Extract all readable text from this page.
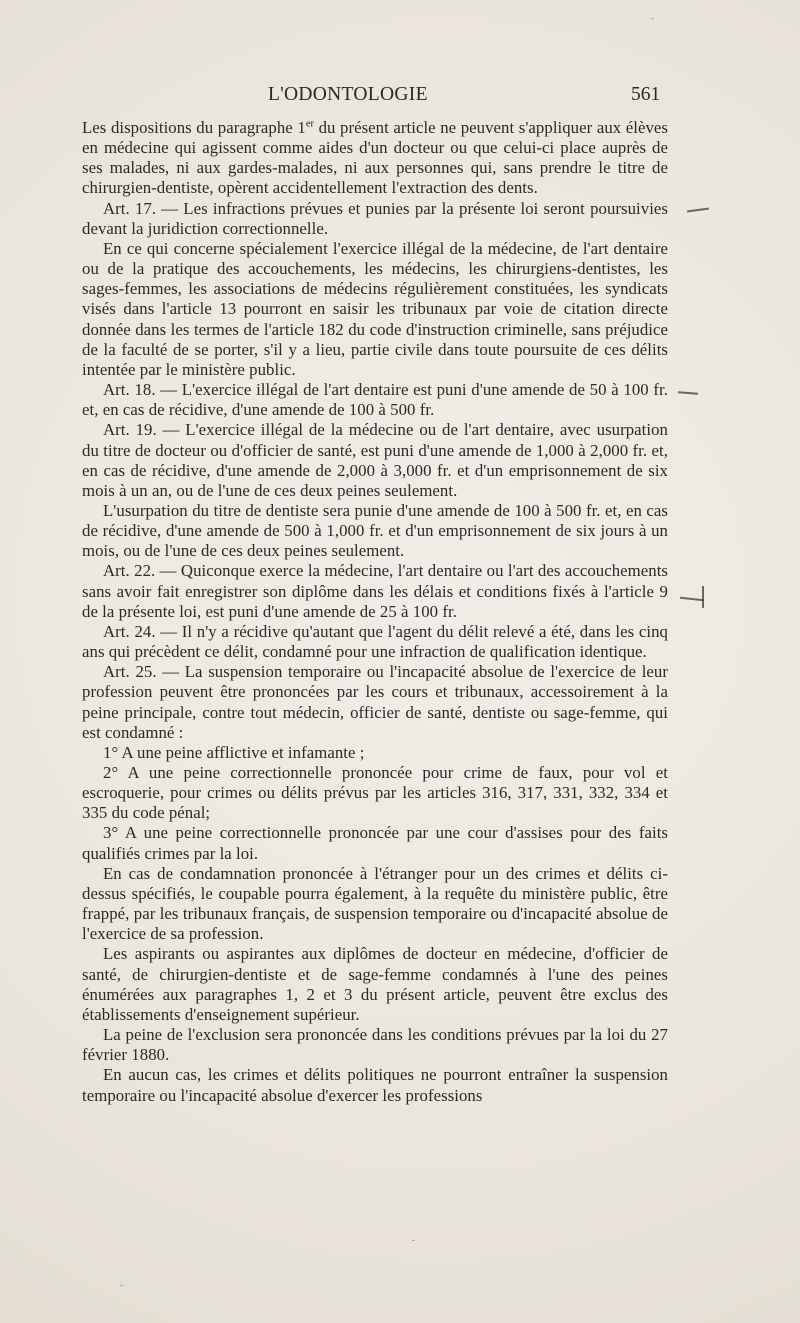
L'ODONTOLOGIE	561

Les dispositions du paragraphe 1er du présent article ne peuvent s'appliquer aux élèves en médecine qui agissent comme aides d'un docteur ou que celui-ci place auprès de ses malades, ni aux gardes-malades, ni aux personnes qui, sans prendre le titre de chirurgien-dentiste, opèrent accidentellement l'extraction des dents.

Art. 17. — Les infractions prévues et punies par la présente loi seront poursuivies devant la juridiction correctionnelle.

En ce qui concerne spécialement l'exercice illégal de la médecine, de l'art dentaire ou de la pratique des accouchements, les médecins, les chirurgiens-dentistes, les sages-femmes, les associations de médecins régulièrement constituées, les syndicats visés dans l'article 13 pourront en saisir les tribunaux par voie de citation directe donnée dans les termes de l'article 182 du code d'instruction criminelle, sans préjudice de la faculté de se porter, s'il y a lieu, partie civile dans toute poursuite de ces délits intentée par le ministère public.

Art. 18. — L'exercice illégal de l'art dentaire est puni d'une amende de 50 à 100 fr. et, en cas de récidive, d'une amende de 100 à 500 fr.

Art. 19. — L'exercice illégal de la médecine ou de l'art dentaire, avec usurpation du titre de docteur ou d'officier de santé, est puni d'une amende de 1,000 à 2,000 fr. et, en cas de récidive, d'une amende de 2,000 à 3,000 fr. et d'un emprisonnement de six mois à un an, ou de l'une de ces deux peines seulement.

L'usurpation du titre de dentiste sera punie d'une amende de 100 à 500 fr. et, en cas de récidive, d'une amende de 500 à 1,000 fr. et d'un emprisonnement de six jours à un mois, ou de l'une de ces deux peines seulement.

Art. 22. — Quiconque exerce la médecine, l'art dentaire ou l'art des accouchements sans avoir fait enregistrer son diplôme dans les délais et conditions fixés à l'article 9 de la présente loi, est puni d'une amende de 25 à 100 fr.

Art. 24. — Il n'y a récidive qu'autant que l'agent du délit relevé a été, dans les cinq ans qui précèdent ce délit, condamné pour une infraction de qualification identique.

Art. 25. — La suspension temporaire ou l'incapacité absolue de l'exercice de leur profession peuvent être prononcées par les cours et tribunaux, accessoirement à la peine principale, contre tout médecin, officier de santé, dentiste ou sage-femme, qui est condamné :

1° A une peine afflictive et infamante ;

2° A une peine correctionnelle prononcée pour crime de faux, pour vol et escroquerie, pour crimes ou délits prévus par les articles 316, 317, 331, 332, 334 et 335 du code pénal;

3° A une peine correctionnelle prononcée par une cour d'assises pour des faits qualifiés crimes par la loi.

En cas de condamnation prononcée à l'étranger pour un des crimes et délits ci-dessus spécifiés, le coupable pourra également, à la requête du ministère public, être frappé, par les tribunaux français, de suspension temporaire ou d'incapacité absolue de l'exercice de sa profession.

Les aspirants ou aspirantes aux diplômes de docteur en médecine, d'officier de santé, de chirurgien-dentiste et de sage-femme condamnés à l'une des peines énumérées aux paragraphes 1, 2 et 3 du présent article, peuvent être exclus des établissements d'enseignement supérieur.

La peine de l'exclusion sera prononcée dans les conditions prévues par la loi du 27 février 1880.

En aucun cas, les crimes et délits politiques ne pourront entraîner la suspension temporaire ou l'incapacité absolue d'exercer les professions
